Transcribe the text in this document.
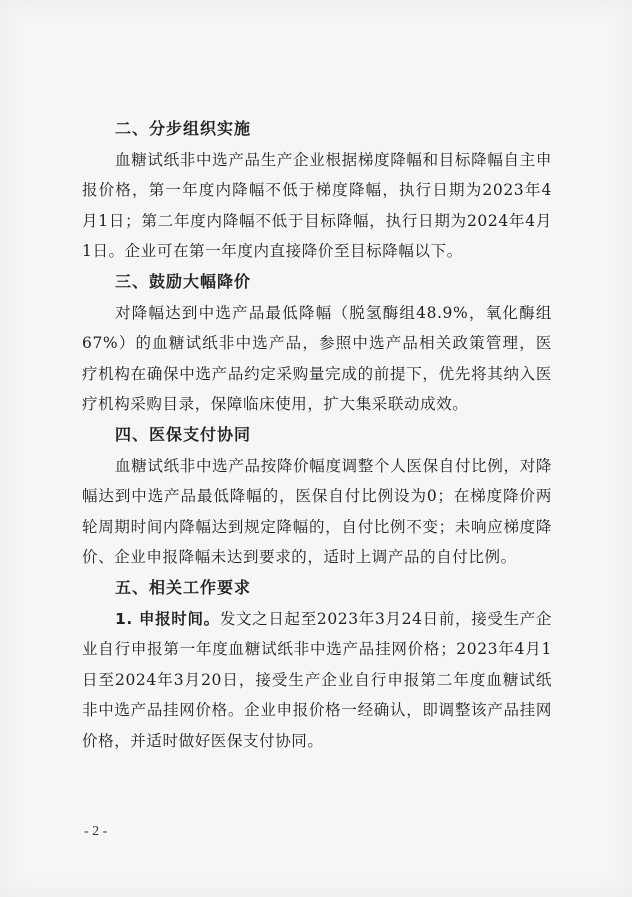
二、分步组织实施

血糖试纸非中选产品生产企业根据梯度降幅和目标降幅自主申报价格，第一年度内降幅不低于梯度降幅，执行日期为2023年4月1日；第二年度内降幅不低于目标降幅，执行日期为2024年4月1日。企业可在第一年度内直接降价至目标降幅以下。

三、鼓励大幅降价

对降幅达到中选产品最低降幅（脱氢酶组48.9%，氧化酶组67%）的血糖试纸非中选产品，参照中选产品相关政策管理，医疗机构在确保中选产品约定采购量完成的前提下，优先将其纳入医疗机构采购目录，保障临床使用，扩大集采联动成效。

四、医保支付协同

血糖试纸非中选产品按降价幅度调整个人医保自付比例，对降幅达到中选产品最低降幅的，医保自付比例设为0；在梯度降价两轮周期时间内降幅达到规定降幅的，自付比例不变；未响应梯度降价、企业申报降幅未达到要求的，适时上调产品的自付比例。

五、相关工作要求

1. 申报时间。发文之日起至2023年3月24日前，接受生产企业自行申报第一年度血糖试纸非中选产品挂网价格；2023年4月1日至2024年3月20日，接受生产企业自行申报第二年度血糖试纸非中选产品挂网价格。企业申报价格一经确认，即调整该产品挂网价格，并适时做好医保支付协同。

- 2 -
